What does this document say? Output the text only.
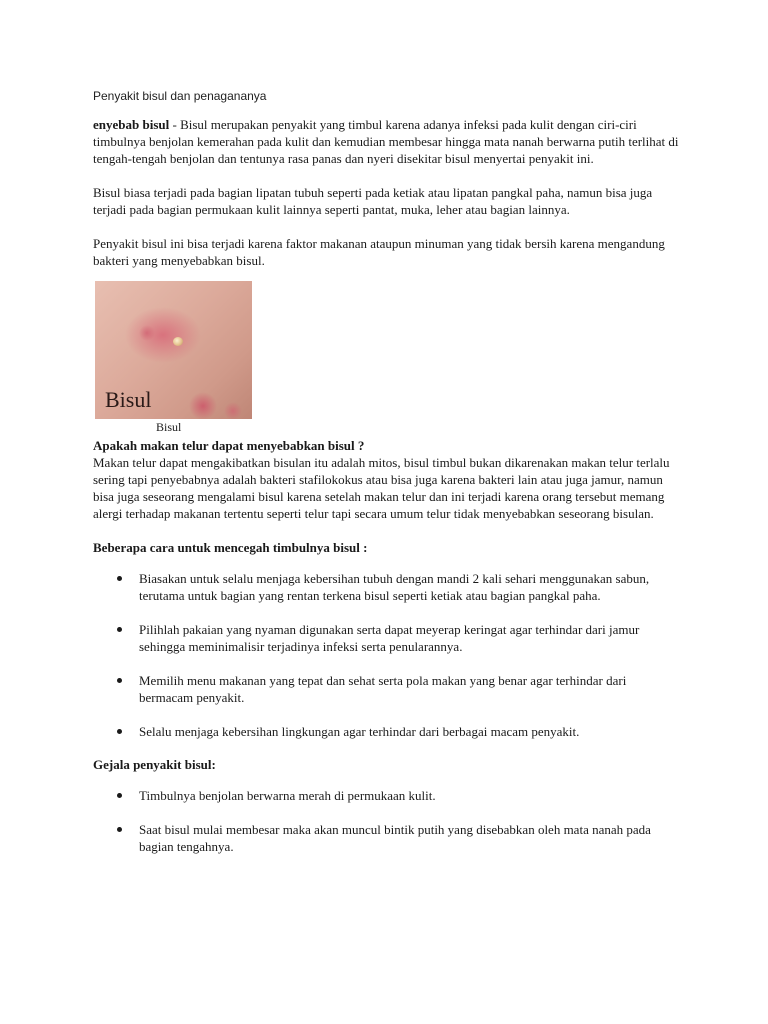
Penyakit bisul dan penagananya

enyebab bisul - Bisul merupakan penyakit yang timbul karena adanya infeksi pada kulit dengan ciri-ciri timbulnya benjolan kemerahan pada kulit dan kemudian membesar hingga mata nanah berwarna putih terlihat di tengah-tengah benjolan dan tentunya rasa panas dan nyeri disekitar bisul menyertai penyakit ini.

Bisul biasa terjadi pada bagian lipatan tubuh seperti pada ketiak atau lipatan pangkal paha, namun bisa juga terjadi pada bagian permukaan kulit lainnya seperti pantat, muka, leher atau bagian lainnya.

Penyakit bisul ini bisa terjadi karena faktor makanan ataupun minuman yang tidak bersih karena mengandung bakteri yang menyebabkan bisul.

Bisul
Bisul

Apakah makan telur dapat menyebabkan bisul ?

Makan telur dapat mengakibatkan bisulan itu adalah mitos, bisul timbul bukan dikarenakan makan telur terlalu sering tapi penyebabnya adalah bakteri stafilokokus atau bisa juga karena bakteri lain atau juga jamur, namun bisa juga seseorang mengalami bisul karena setelah makan telur dan ini terjadi karena orang tersebut memang alergi terhadap makanan tertentu seperti telur tapi secara umum telur tidak menyebabkan seseorang bisulan.

Beberapa cara untuk mencegah timbulnya bisul :

Biasakan untuk selalu menjaga kebersihan tubuh dengan mandi 2 kali sehari menggunakan sabun, terutama untuk bagian yang rentan terkena bisul seperti ketiak atau bagian pangkal paha.
Pilihlah pakaian yang nyaman digunakan serta dapat meyerap keringat agar terhindar dari jamur sehingga meminimalisir terjadinya infeksi serta penularannya.
Memilih menu makanan yang tepat dan sehat serta pola makan yang benar agar terhindar dari bermacam penyakit.
Selalu menjaga kebersihan lingkungan agar terhindar dari berbagai macam penyakit.

Gejala penyakit bisul:

Timbulnya benjolan berwarna merah di permukaan kulit.
Saat bisul mulai membesar maka akan muncul bintik putih yang disebabkan oleh mata nanah pada bagian tengahnya.
